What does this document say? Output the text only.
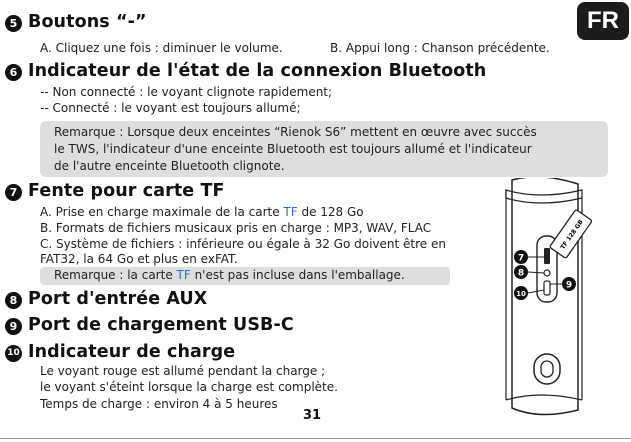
FR
5 Boutons “-”
A. Cliquez une fois : diminuer le volume.	B. Appui long : Chanson précédente.
6 Indicateur de l'état de la connexion Bluetooth
-- Non connecté : le voyant clignote rapidement;
-- Connecté : le voyant est toujours allumé;
Remarque : Lorsque deux enceintes “Rienok S6” mettent en œuvre avec succès
le TWS, l'indicateur d'une enceinte Bluetooth est toujours allumé et l'indicateur
de l'autre enceinte Bluetooth clignote.
7 Fente pour carte TF
A. Prise en charge maximale de la carte TF de 128 Go
B. Formats de fichiers musicaux pris en charge : MP3, WAV, FLAC
C. Système de fichiers : inférieure ou égale à 32 Go doivent être en
FAT32, la 64 Go et plus en exFAT.
Remarque : la carte TF n'est pas incluse dans l'emballage.
8 Port d'entrée AUX
9 Port de chargement USB-C
10 Indicateur de charge
Le voyant rouge est allumé pendant la charge ;
le voyant s'éteint lorsque la charge est complète.
Temps de charge : environ 4 à 5 heures
31
TF 128 GB
7
8
9
10
